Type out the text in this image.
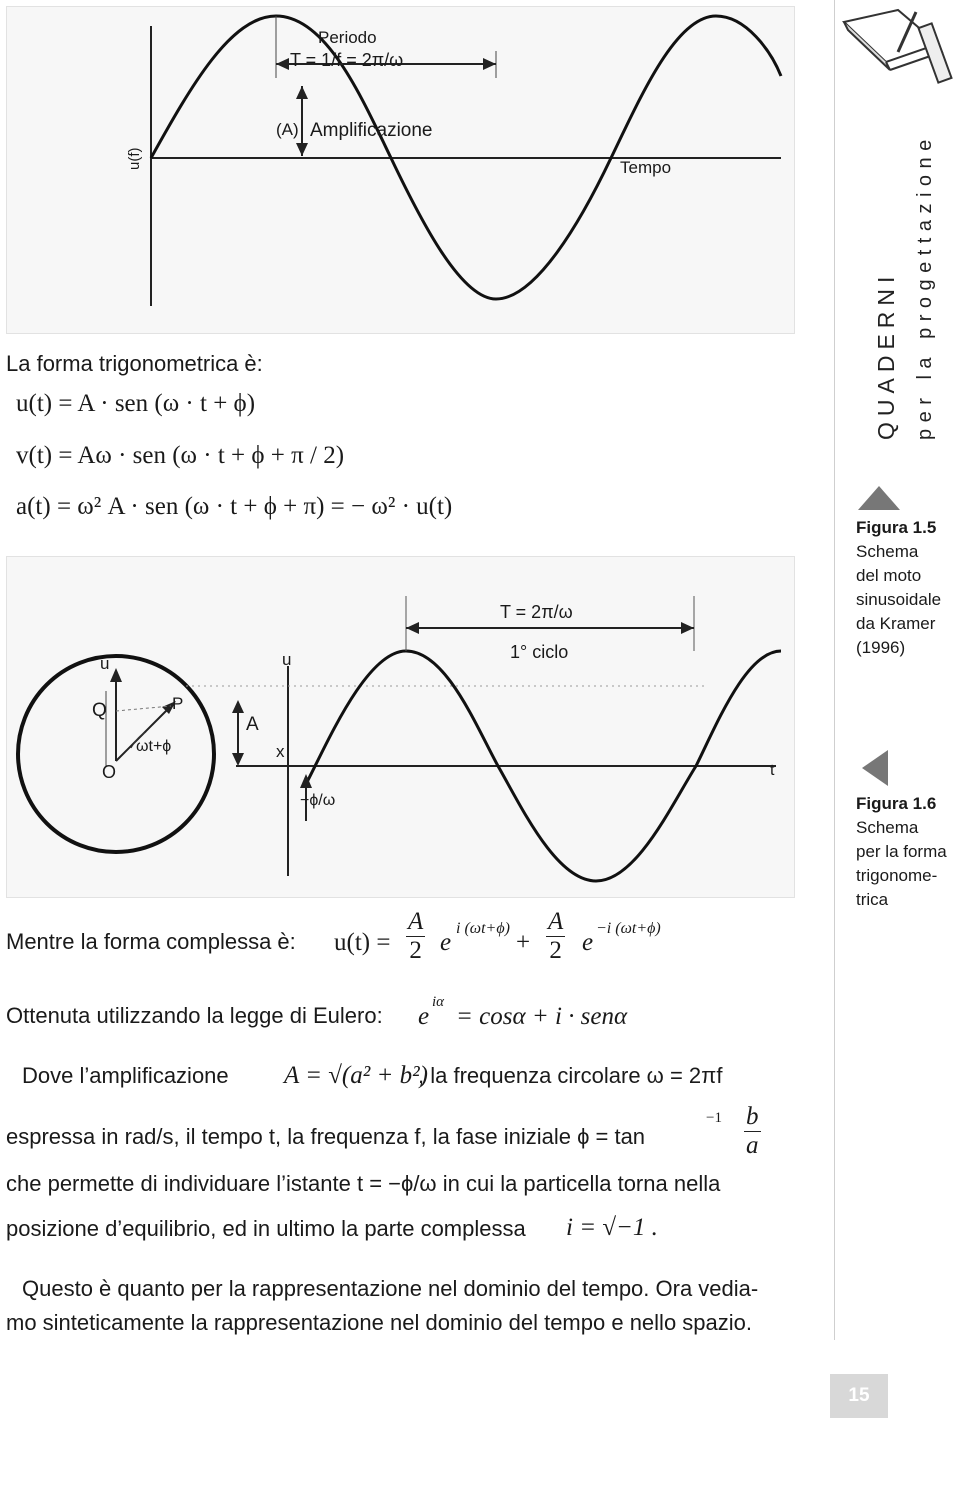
Periodo
T = 1/f = 2π/ω
(A) Amplificazione
Tempo
u(f)
La forma trigonometrica è:
u(t) = A · sen (ω · t + ϕ)
v(t) = Aω · sen (ω · t + ϕ + π / 2)
a(t) = ω² A · sen (ω · t + ϕ + π) = − ω² · u(t)
T = 2π/ω
1° ciclo
u	u
Q	P
A
ωt+ϕ	x
O	t
−ϕ/ω
Mentre la forma complessa è: $u(t) = \frac{A}{2}$ e
i (ωt+ϕ)
+ $\frac{A}{2}$ e
−i (ωt+ϕ)
Ottenuta utilizzando la legge di Eulero: e
iα
= cosα + i · senα
Dove l’amplificazione A = √(a² + b²)
, la frequenza circolare ω = 2πf
espressa in rad/s, il tempo t, la frequenza f, la fase iniziale ϕ = tan
$-1 \frac{b}{a}$
che permette di individuare l’istante t = −ϕ/ω in cui la particella torna nella
posizione d’equilibrio, ed in ultimo la parte complessa i = √−1 .
Questo è quanto per la rappresentazione nel dominio del tempo. Ora vedia-
mo sinteticamente la rappresentazione nel dominio del tempo e nello spazio.
QUADERNI per la progettazione
Figura 1.5
Schema
del moto
sinusoidale
da Kramer
(1996)
Figura 1.6
Schema
per la forma
trigonome-
trica
15
